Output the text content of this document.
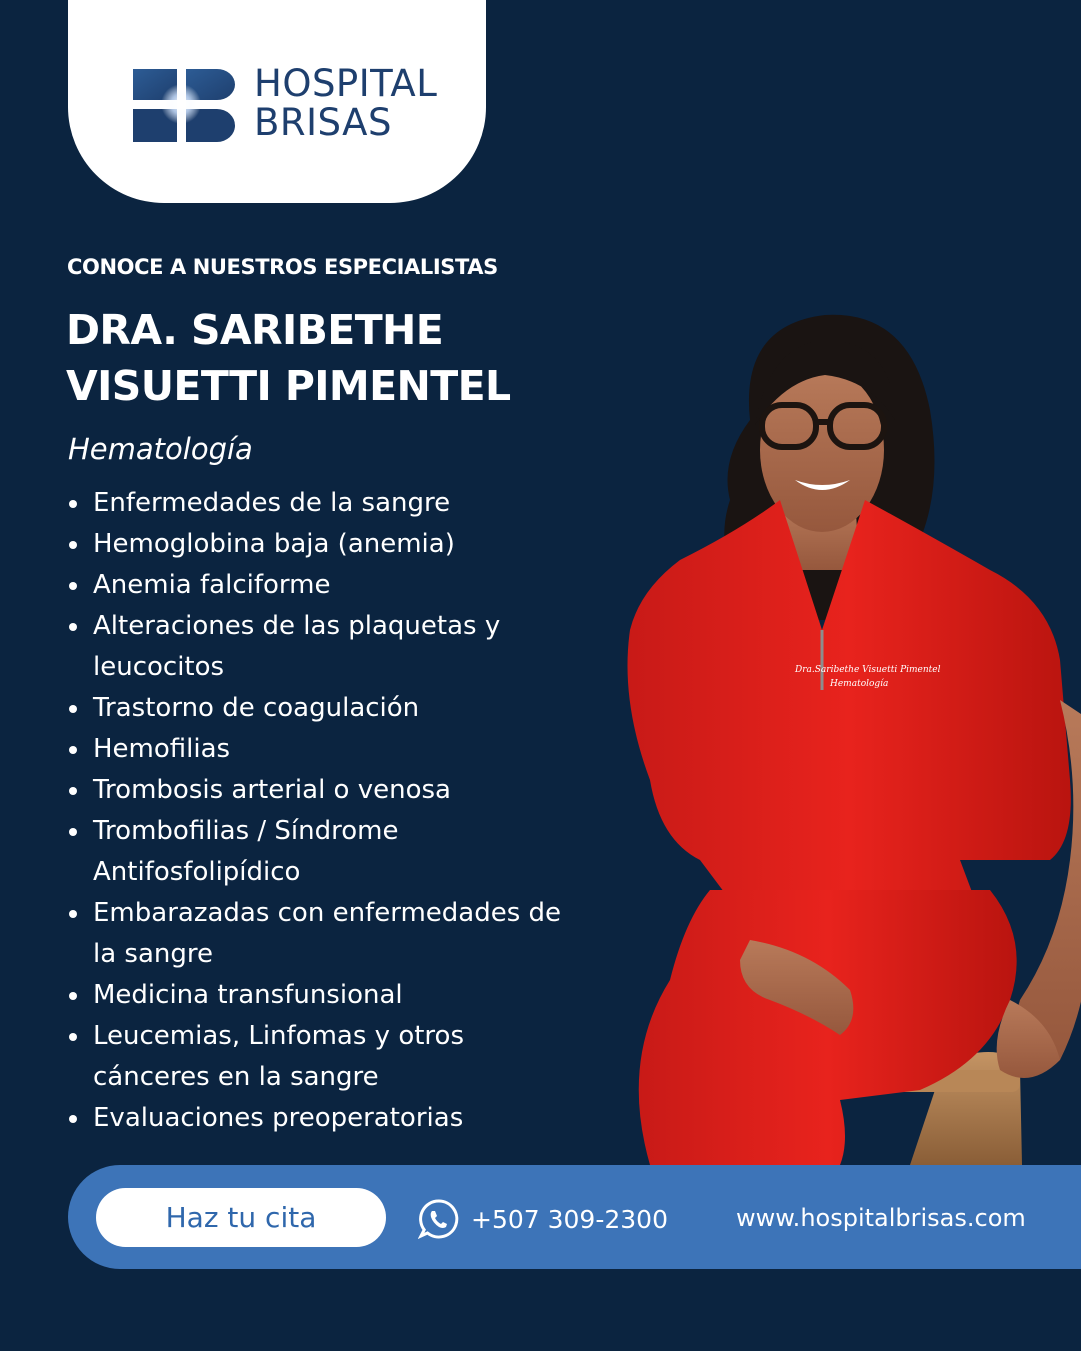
HOSPITAL
BRISAS
CONOCE A NUESTROS ESPECIALISTAS
DRA. SARIBETHE
VISUETTI PIMENTEL
Hematología
Enfermedades de la sangre
Hemoglobina baja (anemia)
Anemia falciforme
Alteraciones de las plaquetas y leucocitos
Trastorno de coagulación
Hemofilias
Trombosis arterial o venosa
Trombofilias / Síndrome Antifosfolipídico
Embarazadas con enfermedades de la sangre
Medicina transfunsional
Leucemias, Linfomas y otros cánceres en la sangre
Evaluaciones preoperatorias
Dra.Saribethe Visuetti Pimentel
Hematología
Haz tu cita	+507 309-2300	www.hospitalbrisas.com
